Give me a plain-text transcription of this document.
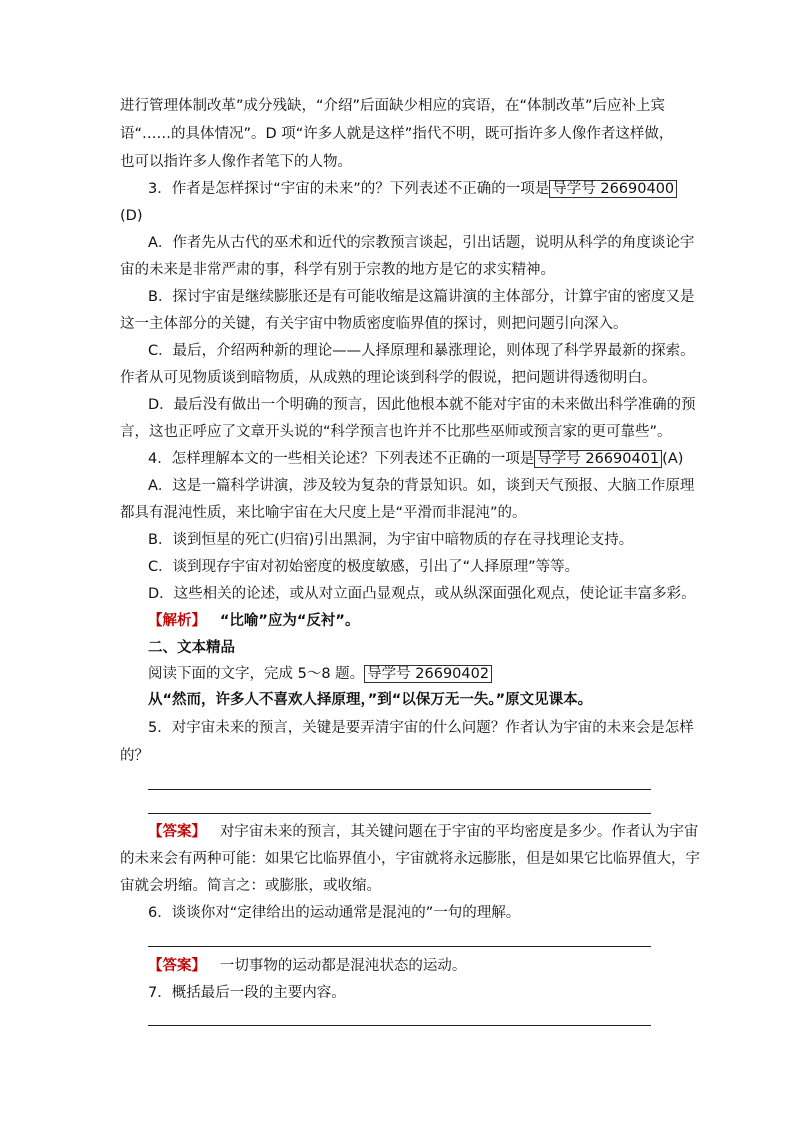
进行管理体制改革”成分残缺，“介绍”后面缺少相应的宾语，在“体制改革”后应补上宾
语“……的具体情况”。D 项“许多人就是这样”指代不明，既可指许多人像作者这样做，
也可以指许多人像作者笔下的人物。
3．作者是怎样探讨“宇宙的未来”的？下列表述不正确的一项是 导学号 26690400
(D)
A．作者先从古代的巫术和近代的宗教预言谈起，引出话题，说明从科学的角度谈论宇
宙的未来是非常严肃的事，科学有别于宗教的地方是它的求实精神。
B．探讨宇宙是继续膨胀还是有可能收缩是这篇讲演的主体部分，计算宇宙的密度又是
这一主体部分的关键，有关宇宙中物质密度临界值的探讨，则把问题引向深入。
C．最后，介绍两种新的理论——人择原理和暴涨理论，则体现了科学界最新的探索。
作者从可见物质谈到暗物质，从成熟的理论谈到科学的假说，把问题讲得透彻明白。
D．最后没有做出一个明确的预言，因此他根本就不能对宇宙的未来做出科学准确的预
言，这也正呼应了文章开头说的“科学预言也许并不比那些巫师或预言家的更可靠些”。
4．怎样理解本文的一些相关论述？下列表述不正确的一项是 导学号 26690401 (A)
A．这是一篇科学讲演，涉及较为复杂的背景知识。如，谈到天气预报、大脑工作原理
都具有混沌性质，来比喻宇宙在大尺度上是“平滑而非混沌”的。
B．谈到恒星的死亡(归宿)引出黑洞，为宇宙中暗物质的存在寻找理论支持。
C．谈到现存宇宙对初始密度的极度敏感，引出了“人择原理”等等。
D．这些相关的论述，或从对立面凸显观点，或从纵深面强化观点，使论证丰富多彩。
【解析】 “比喻”应为“反衬”。
二、文本精品
阅读下面的文字，完成 5～8 题。 导学号 26690402
从“然而，许多人不喜欢人择原理，”到“以保万无一失。”原文见课本。
5．对宇宙未来的预言，关键是要弄清宇宙的什么问题？作者认为宇宙的未来会是怎样
的？
【答案】 对宇宙未来的预言，其关键问题在于宇宙的平均密度是多少。作者认为宇宙
的未来会有两种可能：如果它比临界值小，宇宙就将永远膨胀，但是如果它比临界值大，宇
宙就会坍缩。简言之：或膨胀，或收缩。
6．谈谈你对“定律给出的运动通常是混沌的”一句的理解。
【答案】 一切事物的运动都是混沌状态的运动。
7．概括最后一段的主要内容。
